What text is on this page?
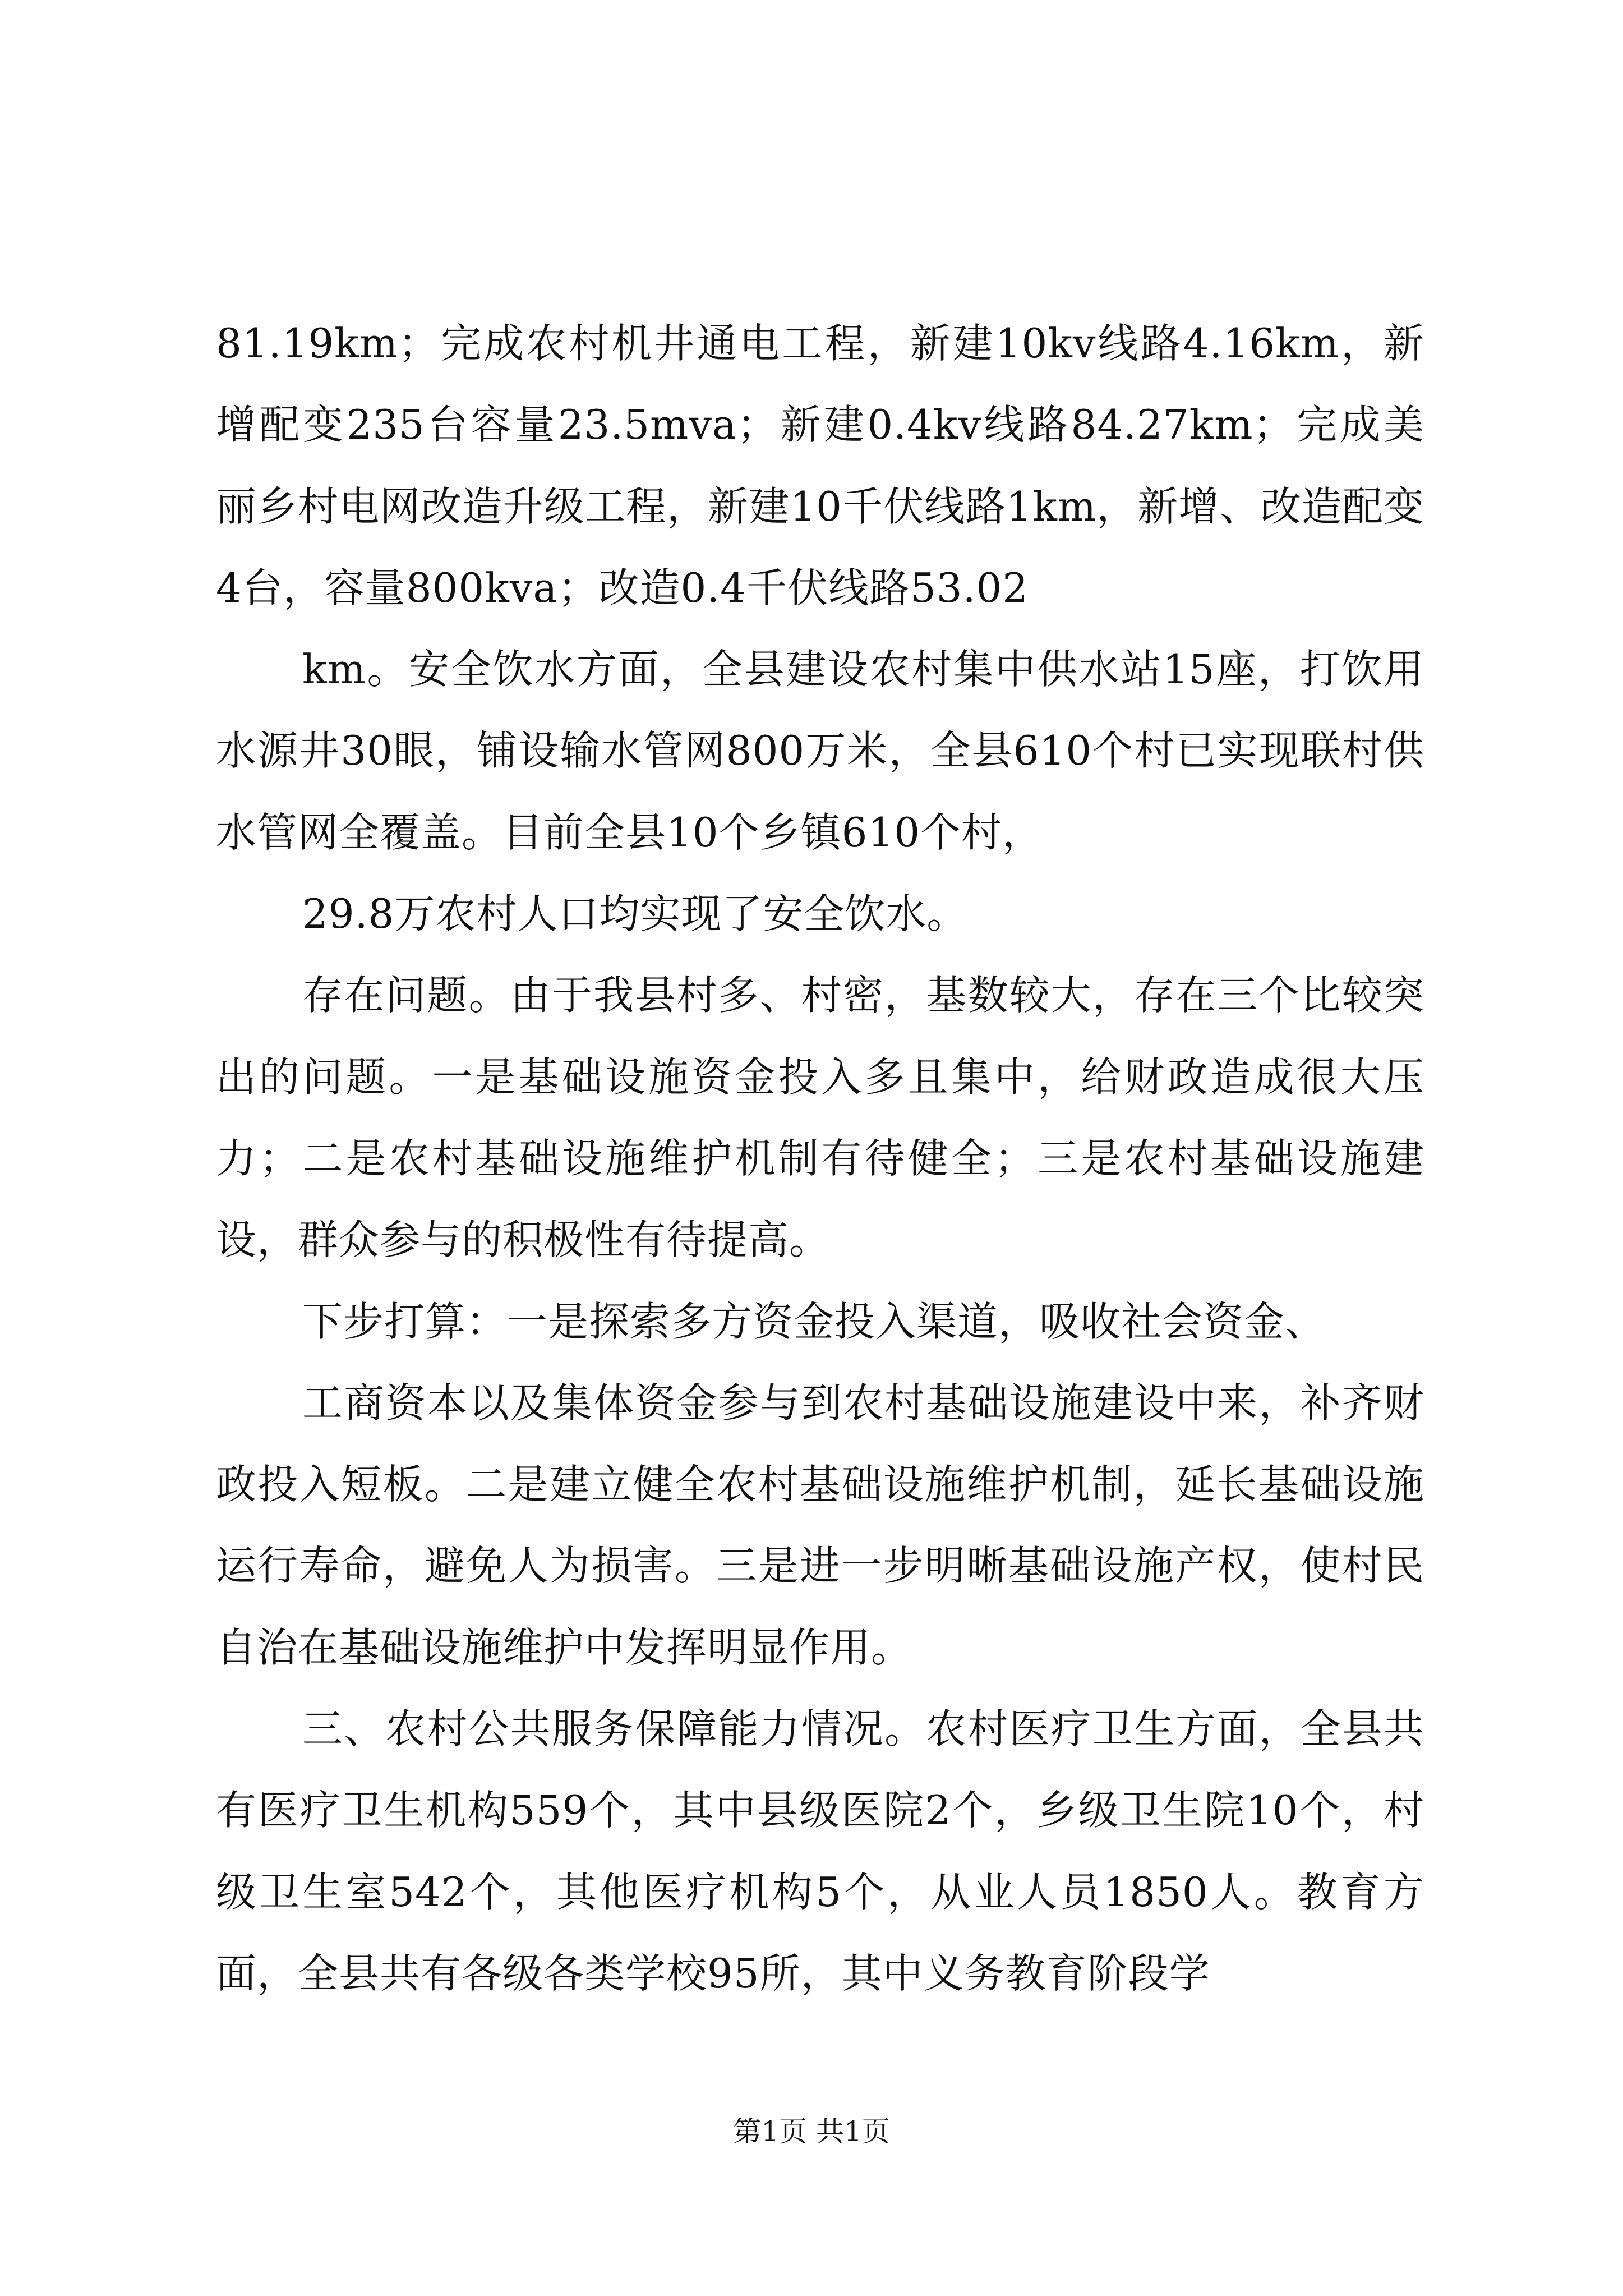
81.19km；完成农村机井通电工程，新建10kv线路4.16km，新增配变235台容量23.5mva；新建0.4kv线路84.27km；完成美丽乡村电网改造升级工程，新建10千伏线路1km，新增、改造配变4台，容量800kva；改造0.4千伏线路53.02

km。安全饮水方面，全县建设农村集中供水站15座，打饮用水源井30眼，铺设输水管网800万米，全县610个村已实现联村供水管网全覆盖。目前全县10个乡镇610个村，

29.8万农村人口均实现了安全饮水。

存在问题。由于我县村多、村密，基数较大，存在三个比较突出的问题。一是基础设施资金投入多且集中，给财政造成很大压力；二是农村基础设施维护机制有待健全；三是农村基础设施建设，群众参与的积极性有待提高。

下步打算：一是探索多方资金投入渠道，吸收社会资金、

工商资本以及集体资金参与到农村基础设施建设中来，补齐财政投入短板。二是建立健全农村基础设施维护机制，延长基础设施运行寿命，避免人为损害。三是进一步明晰基础设施产权，使村民自治在基础设施维护中发挥明显作用。

三、农村公共服务保障能力情况。农村医疗卫生方面，全县共有医疗卫生机构559个，其中县级医院2个，乡级卫生院10个，村级卫生室542个，其他医疗机构5个，从业人员1850人。教育方面，全县共有各级各类学校95所，其中义务教育阶段学

第1页 共1页
